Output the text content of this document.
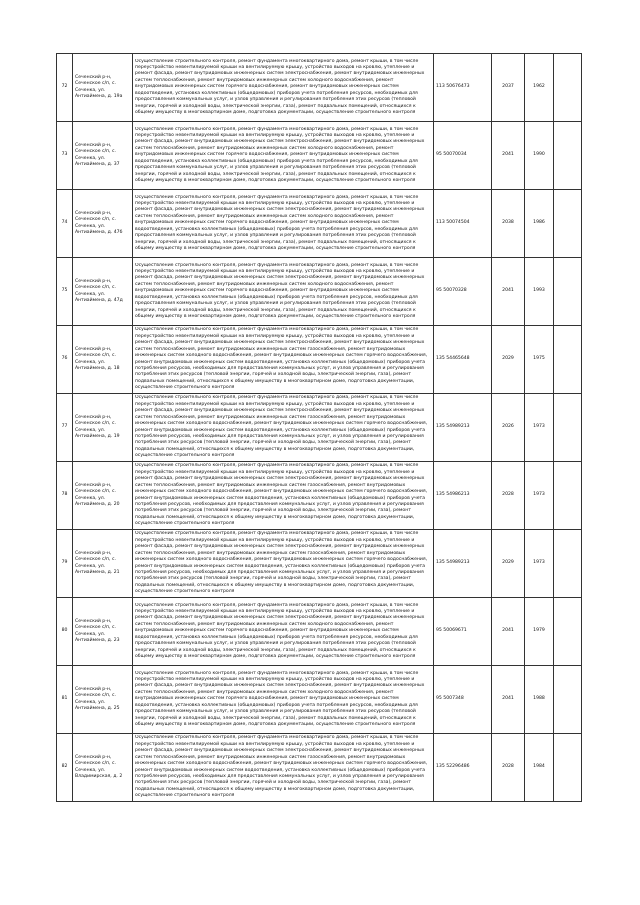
72	Сеченский р-н, Сеченское с/п, с. Сеченка, ул. Антиаймена, д. 19а	Осуществление строительного контроля, ремонт фундамента многоквартирного дома, ремонт крыши, в том числе переустройство невентилируемой крыши на вентилируемую крышу, устройство выходов на кровлю, утепление и ремонт фасада, ремонт внутридомовых инженерных систем электроснабжения, ремонт внутридомовых инженерных систем теплоснабжения, ремонт внутридомовых инженерных систем холодного водоснабжения, ремонт внутридомовых инженерных систем горячего водоснабжения, ремонт внутридомовых инженерных систем водоотведения, установка коллективных (общедомовых) приборов учета потребления ресурсов, необходимых для предоставления коммунальных услуг, и узлов управления и регулирования потребления этих ресурсов (тепловой энергии, горячей и холодной воды, электрической энергии, газа), ремонт подвальных помещений, относящихся к общему имуществу в многоквартирном доме, подготовка документации, осуществление строительного контроля	113 50676473	2037	1962	
73	Сеченский р-н, Сеченское с/п, с. Сеченка, ул. Антиаймена, д. 37	Осуществление строительного контроля, ремонт фундамента многоквартирного дома, ремонт крыши, в том числе переустройство невентилируемой крыши на вентилируемую крышу, устройство выходов на кровлю, утепление и ремонт фасада, ремонт внутридомовых инженерных систем электроснабжения, ремонт внутридомовых инженерных систем теплоснабжения, ремонт внутридомовых инженерных систем холодного водоснабжения, ремонт внутридомовых инженерных систем горячего водоснабжения, ремонт внутридомовых инженерных систем водоотведения, установка коллективных (общедомовых) приборов учета потребления ресурсов, необходимых для предоставления коммунальных услуг, и узлов управления и регулирования потребления этих ресурсов (тепловой энергии, горячей и холодной воды, электрической энергии, газа), ремонт подвальных помещений, относящихся к общему имуществу в многоквартирном доме, подготовка документации, осуществление строительного контроля	95 50070034	2041	1990	
74	Сеченский р-н, Сеченское с/п, с. Сеченка, ул. Антиаймена, д. 47б	Осуществление строительного контроля, ремонт фундамента многоквартирного дома, ремонт крыши, в том числе переустройство невентилируемой крыши на вентилируемую крышу, устройство выходов на кровлю, утепление и ремонт фасада, ремонт внутридомовых инженерных систем электроснабжения, ремонт внутридомовых инженерных систем теплоснабжения, ремонт внутридомовых инженерных систем холодного водоснабжения, ремонт внутридомовых инженерных систем горячего водоснабжения, ремонт внутридомовых инженерных систем водоотведения, установка коллективных (общедомовых) приборов учета потребления ресурсов, необходимых для предоставления коммунальных услуг, и узлов управления и регулирования потребления этих ресурсов (тепловой энергии, горячей и холодной воды, электрической энергии, газа), ремонт подвальных помещений, относящихся к общему имуществу в многоквартирном доме, подготовка документации, осуществление строительного контроля	113 50074504	2038	1986	
75	Сеченский р-н, Сеченское с/п, с. Сеченка, ул. Антиаймена, д. 47д	Осуществление строительного контроля, ремонт фундамента многоквартирного дома, ремонт крыши, в том числе переустройство невентилируемой крыши на вентилируемую крышу, устройство выходов на кровлю, утепление и ремонт фасада, ремонт внутридомовых инженерных систем электроснабжения, ремонт внутридомовых инженерных систем теплоснабжения, ремонт внутридомовых инженерных систем холодного водоснабжения, ремонт внутридомовых инженерных систем горячего водоснабжения, ремонт внутридомовых инженерных систем водоотведения, установка коллективных (общедомовых) приборов учета потребления ресурсов, необходимых для предоставления коммунальных услуг, и узлов управления и регулирования потребления этих ресурсов (тепловой энергии, горячей и холодной воды, электрической энергии, газа), ремонт подвальных помещений, относящихся к общему имуществу в многоквартирном доме, подготовка документации, осуществление строительного контроля	95 50070328	2041	1993	
76	Сеченский р-н, Сеченское с/п, с. Сеченка, ул. Антиаймена, д. 18	Осуществление строительного контроля, ремонт фундамента многоквартирного дома, ремонт крыши, в том числе переустройство невентилируемой крыши на вентилируемую крышу, устройство выходов на кровлю, утепление и ремонт фасада, ремонт внутридомовых инженерных систем электроснабжения, ремонт внутридомовых инженерных систем теплоснабжения, ремонт внутридомовых инженерных систем газоснабжения, ремонт внутридомовых инженерных систем холодного водоснабжения, ремонт внутридомовых инженерных систем горячего водоснабжения, ремонт внутридомовых инженерных систем водоотведения, установка коллективных (общедомовых) приборов учета потребления ресурсов, необходимых для предоставления коммунальных услуг, и узлов управления и регулирования потребления этих ресурсов (тепловой энергии, горячей и холодной воды, электрической энергии, газа), ремонт подвальных помещений, относящихся к общему имуществу в многоквартирном доме, подготовка документации, осуществление строительного контроля	135 54465648	2029	1975	
77	Сеченский р-н, Сеченское с/п, с. Сеченка, ул. Антиаймена, д. 19	Осуществление строительного контроля, ремонт фундамента многоквартирного дома, ремонт крыши, в том числе переустройство невентилируемой крыши на вентилируемую крышу, устройство выходов на кровлю, утепление и ремонт фасада, ремонт внутридомовых инженерных систем электроснабжения, ремонт внутридомовых инженерных систем теплоснабжения, ремонт внутридомовых инженерных систем газоснабжения, ремонт внутридомовых инженерных систем холодного водоснабжения, ремонт внутридомовых инженерных систем горячего водоснабжения, ремонт внутридомовых инженерных систем водоотведения, установка коллективных (общедомовых) приборов учета потребления ресурсов, необходимых для предоставления коммунальных услуг, и узлов управления и регулирования потребления этих ресурсов (тепловой энергии, горячей и холодной воды, электрической энергии, газа), ремонт подвальных помещений, относящихся к общему имуществу в многоквартирном доме, подготовка документации, осуществление строительного контроля	135 54989213	2026	1973	
78	Сеченский р-н, Сеченское с/п, с. Сеченка, ул. Антиаймена, д. 20	Осуществление строительного контроля, ремонт фундамента многоквартирного дома, ремонт крыши, в том числе переустройство невентилируемой крыши на вентилируемую крышу, устройство выходов на кровлю, утепление и ремонт фасада, ремонт внутридомовых инженерных систем электроснабжения, ремонт внутридомовых инженерных систем теплоснабжения, ремонт внутридомовых инженерных систем газоснабжения, ремонт внутридомовых инженерных систем холодного водоснабжения, ремонт внутридомовых инженерных систем горячего водоснабжения, ремонт внутридомовых инженерных систем водоотведения, установка коллективных (общедомовых) приборов учета потребления ресурсов, необходимых для предоставления коммунальных услуг, и узлов управления и регулирования потребления этих ресурсов (тепловой энергии, горячей и холодной воды, электрической энергии, газа), ремонт подвальных помещений, относящихся к общему имуществу в многоквартирном доме, подготовка документации, осуществление строительного контроля	135 54986213	2028	1973	
79	Сеченский р-н, Сеченское с/п, с. Сеченка, ул. Антиаймена, д. 21	Осуществление строительного контроля, ремонт фундамента многоквартирного дома, ремонт крыши, в том числе переустройство невентилируемой крыши на вентилируемую крышу, устройство выходов на кровлю, утепление и ремонт фасада, ремонт внутридомовых инженерных систем электроснабжения, ремонт внутридомовых инженерных систем теплоснабжения, ремонт внутридомовых инженерных систем газоснабжения, ремонт внутридомовых инженерных систем холодного водоснабжения, ремонт внутридомовых инженерных систем горячего водоснабжения, ремонт внутридомовых инженерных систем водоотведения, установка коллективных (общедомовых) приборов учета потребления ресурсов, необходимых для предоставления коммунальных услуг, и узлов управления и регулирования потребления этих ресурсов (тепловой энергии, горячей и холодной воды, электрической энергии, газа), ремонт подвальных помещений, относящихся к общему имуществу в многоквартирном доме, подготовка документации, осуществление строительного контроля	135 54989213	2029	1973	
80	Сеченский р-н, Сеченское с/п, с. Сеченка, ул. Антиаймена, д. 23	Осуществление строительного контроля, ремонт фундамента многоквартирного дома, ремонт крыши, в том числе переустройство невентилируемой крыши на вентилируемую крышу, устройство выходов на кровлю, утепление и ремонт фасада, ремонт внутридомовых инженерных систем электроснабжения, ремонт внутридомовых инженерных систем теплоснабжения, ремонт внутридомовых инженерных систем холодного водоснабжения, ремонт внутридомовых инженерных систем горячего водоснабжения, ремонт внутридомовых инженерных систем водоотведения, установка коллективных (общедомовых) приборов учета потребления ресурсов, необходимых для предоставления коммунальных услуг, и узлов управления и регулирования потребления этих ресурсов (тепловой энергии, горячей и холодной воды, электрической энергии, газа), ремонт подвальных помещений, относящихся к общему имуществу в многоквартирном доме, подготовка документации, осуществление строительного контроля	95 50069671	2041	1979	
81	Сеченский р-н, Сеченское с/п, с. Сеченка, ул. Антиаймена, д. 25	Осуществление строительного контроля, ремонт фундамента многоквартирного дома, ремонт крыши, в том числе переустройство невентилируемой крыши на вентилируемую крышу, устройство выходов на кровлю, утепление и ремонт фасада, ремонт внутридомовых инженерных систем электроснабжения, ремонт внутридомовых инженерных систем теплоснабжения, ремонт внутридомовых инженерных систем холодного водоснабжения, ремонт внутридомовых инженерных систем горячего водоснабжения, ремонт внутридомовых инженерных систем водоотведения, установка коллективных (общедомовых) приборов учета потребления ресурсов, необходимых для предоставления коммунальных услуг, и узлов управления и регулирования потребления этих ресурсов (тепловой энергии, горячей и холодной воды, электрической энергии, газа), ремонт подвальных помещений, относящихся к общему имуществу в многоквартирном доме, подготовка документации, осуществление строительного контроля	95 5007348	2041	1988	
82	Сеченский р-н, Сеченское с/п, с. Сеченка, ул. Владимирская, д. 2	Осуществление строительного контроля, ремонт фундамента многоквартирного дома, ремонт крыши, в том числе переустройство невентилируемой крыши на вентилируемую крышу, устройство выходов на кровлю, утепление и ремонт фасада, ремонт внутридомовых инженерных систем электроснабжения, ремонт внутридомовых инженерных систем теплоснабжения, ремонт внутридомовых инженерных систем газоснабжения, ремонт внутридомовых инженерных систем холодного водоснабжения, ремонт внутридомовых инженерных систем горячего водоснабжения, ремонт внутридомовых инженерных систем водоотведения, установка коллективных (общедомовых) приборов учета потребления ресурсов, необходимых для предоставления коммунальных услуг, и узлов управления и регулирования потребления этих ресурсов (тепловой энергии, горячей и холодной воды, электрической энергии, газа), ремонт подвальных помещений, относящихся к общему имуществу в многоквартирном доме, подготовка документации, осуществление строительного контроля	135 52296486	2028	1984	
